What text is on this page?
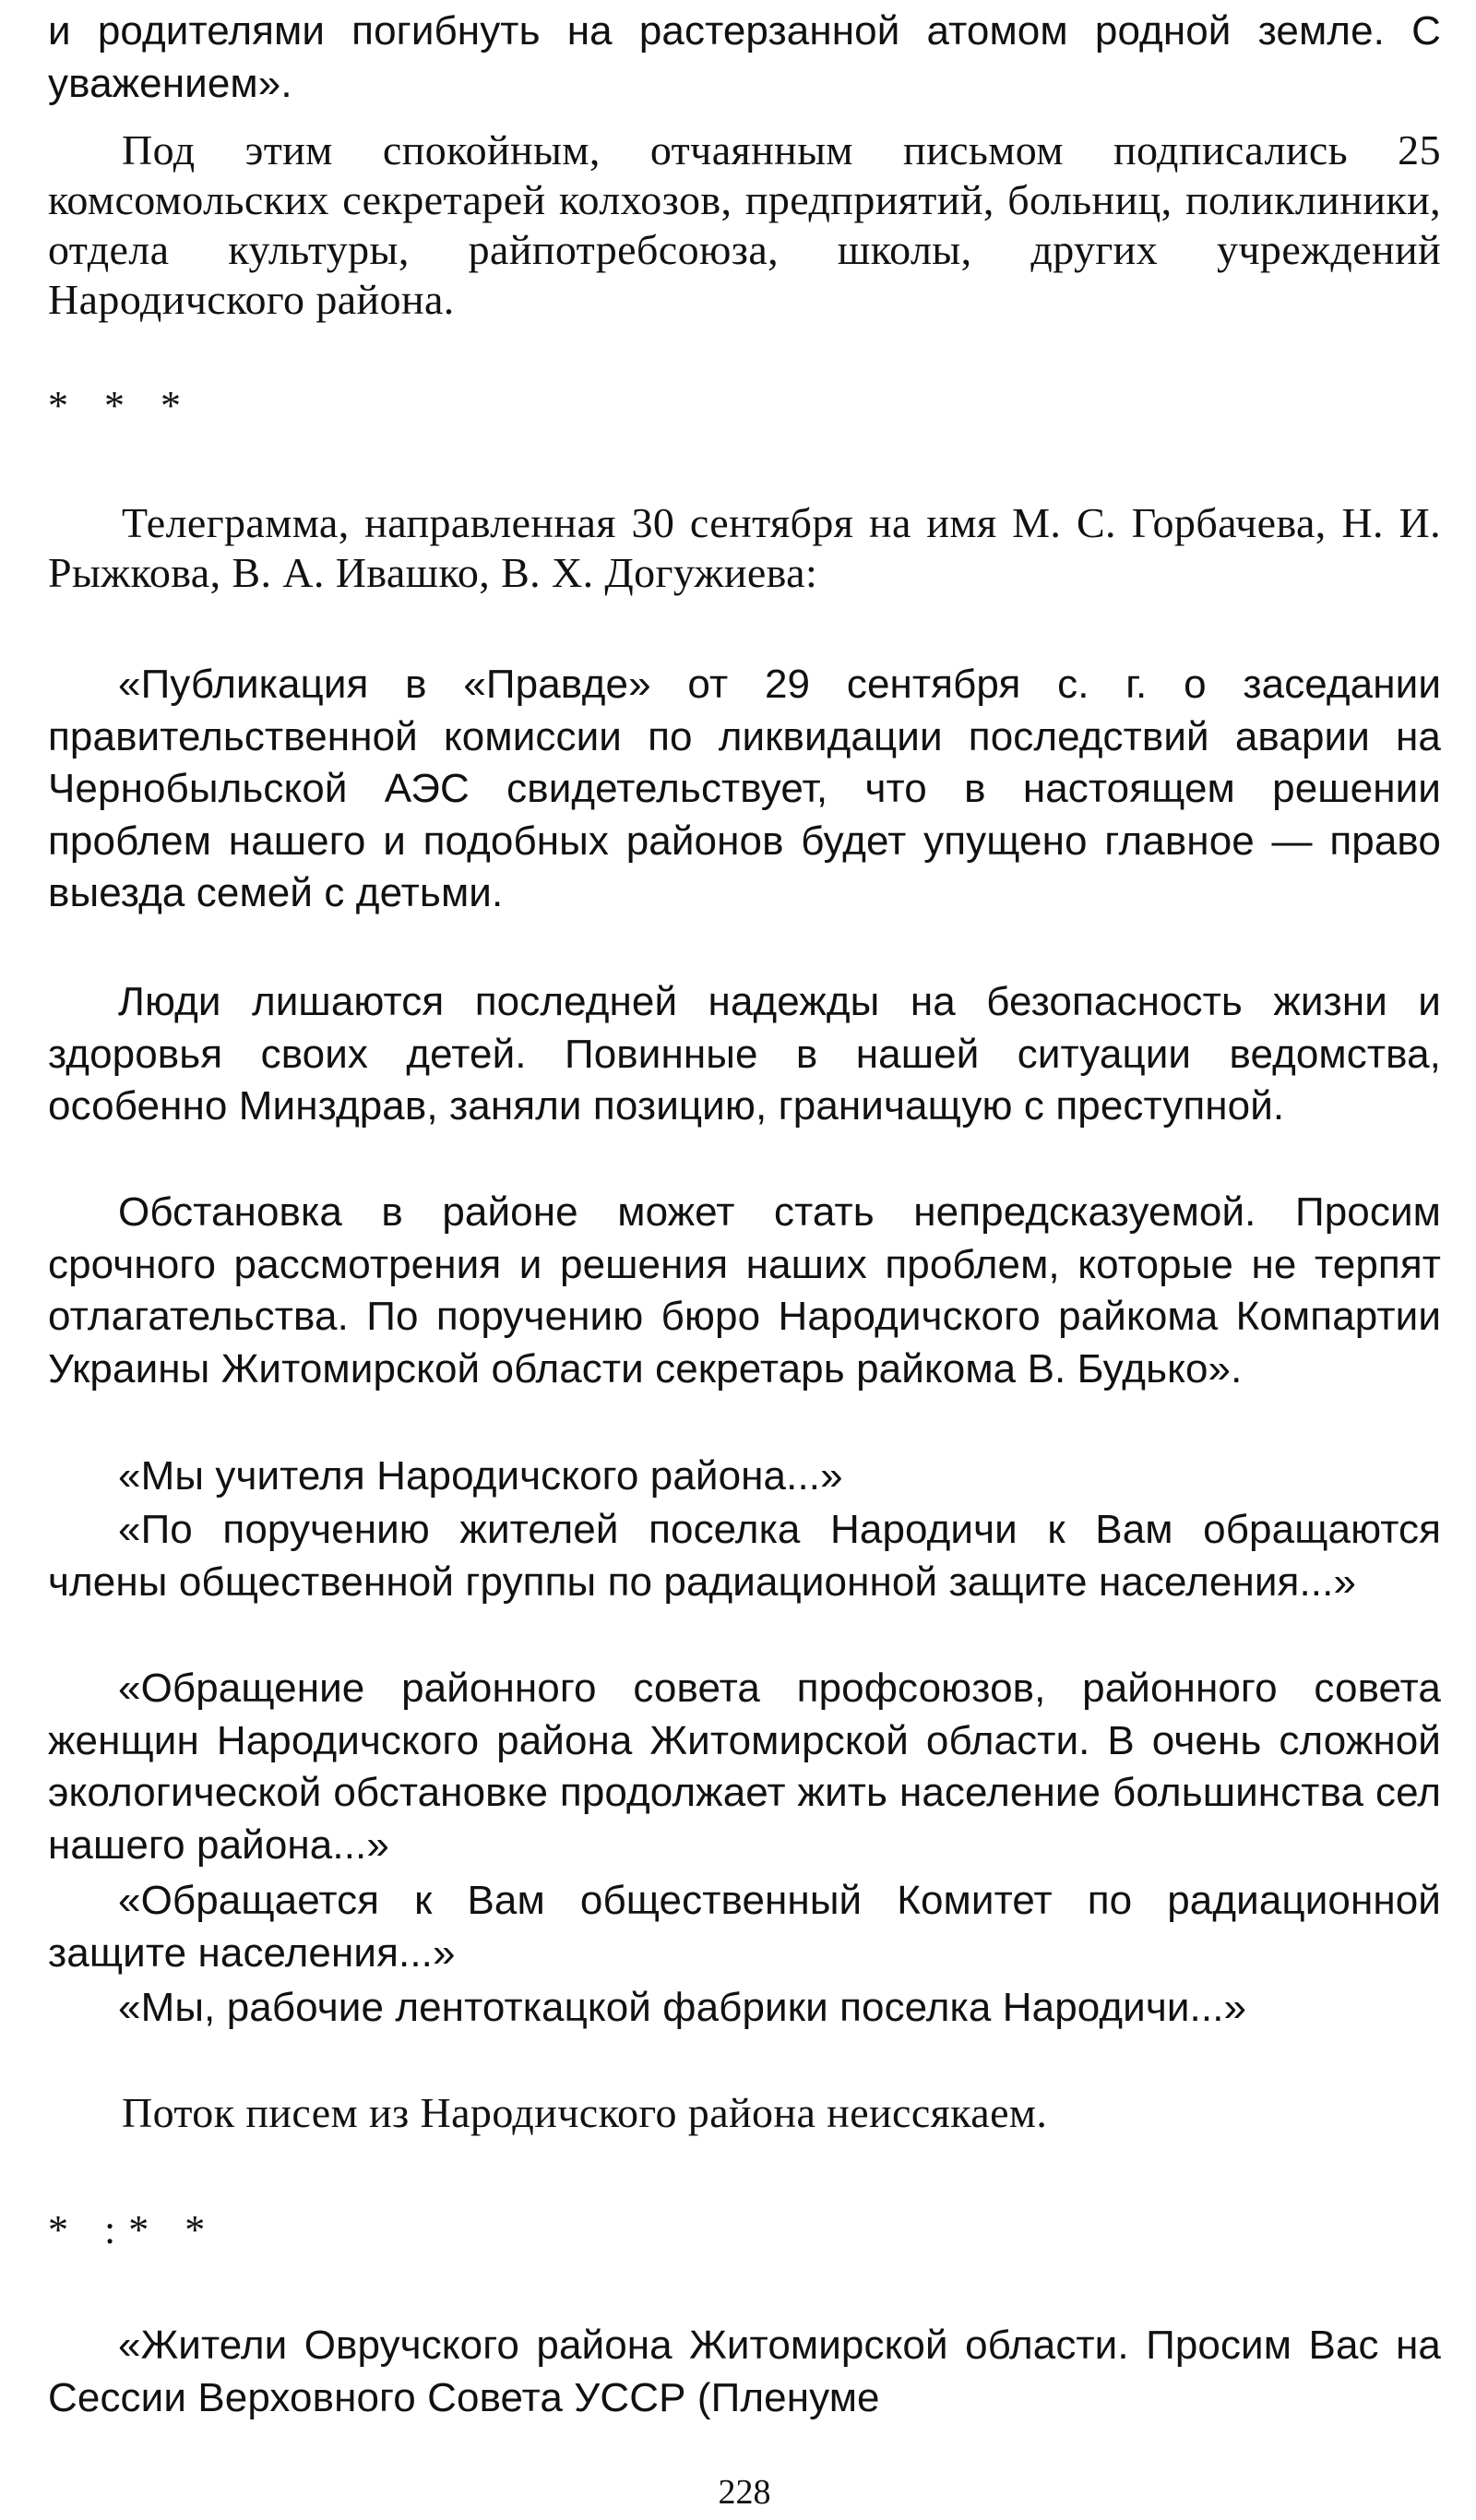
и родителями погибнуть на растерзанной атомом родной земле. С уважением».

Под этим спокойным, отчаянным письмом подписались 25 комсомольских секретарей колхозов, предприятий, больниц, поликлиники, отдела культуры, райпотребсоюза, школы, других учреждений Народичского района.

* * *

Телеграмма, направленная 30 сентября на имя М. С. Горбачева, Н. И. Рыжкова, В. А. Ивашко, В. Х. Догужиева:

«Публикация в «Правде» от 29 сентября с. г. о заседании правительственной комиссии по ликвидации последствий аварии на Чернобыльской АЭС свидетельствует, что в настоящем решении проблем нашего и подобных районов будет упущено главное — право выезда семей с детьми.

Люди лишаются последней надежды на безопасность жизни и здоровья своих детей. Повинные в нашей ситуации ведомства, особенно Минздрав, заняли позицию, граничащую с преступной.

Обстановка в районе может стать непредсказуемой. Просим срочного рассмотрения и решения наших проблем, которые не терпят отлагательства. По поручению бюро Народичского райкома Компартии Украины Житомирской области секретарь райкома В. Будько».

«Мы учителя Народичского района...»

«По поручению жителей поселка Народичи к Вам обращаются члены общественной группы по радиационной защите населения...»

«Обращение районного совета профсоюзов, районного совета женщин Народичского района Житомирской области. В очень сложной экологической обстановке продолжает жить население большинства сел нашего района...»

«Обращается к Вам общественный Комитет по радиационной защите населения...»

«Мы, рабочие лентоткацкой фабрики поселка Народичи...»

Поток писем из Народичского района неиссякаем.

* :* *

«Жители Овручского района Житомирской области. Просим Вас на Сессии Верховного Совета УССР (Пленуме

228
